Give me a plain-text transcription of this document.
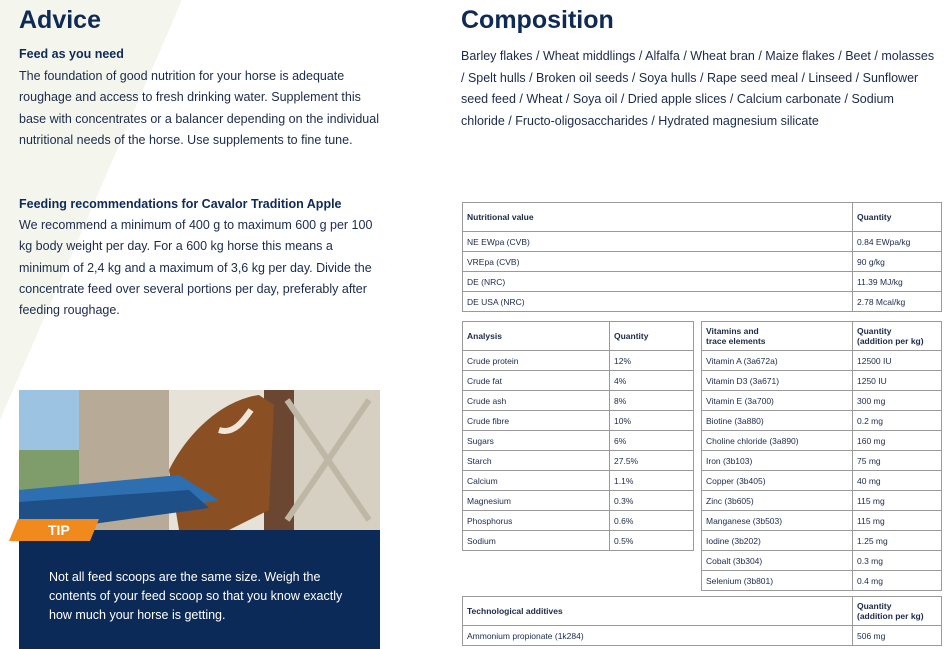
Advice
Feed as you need
The foundation of good nutrition for your horse is adequate roughage and access to fresh drinking water. Supplement this base with concentrates or a balancer depending on the individual nutritional needs of the horse. Use supplements to fine tune.
Feeding recommendations for Cavalor Tradition Apple
We recommend a minimum of 400 g to maximum 600 g per 100 kg body weight per day. For a 600 kg horse this means a minimum of 2,4 kg and a maximum of 3,6 kg per day. Divide the concentrate feed over several portions per day, preferably after feeding roughage.
TIP
Not all feed scoops are the same size. Weigh the contents of your feed scoop so that you know exactly how much your horse is getting.
Composition
Barley flakes / Wheat middlings / Alfalfa / Wheat bran / Maize flakes / Beet / molasses / Spelt hulls / Broken oil seeds / Soya hulls / Rape seed meal / Linseed / Sunflower seed feed / Wheat / Soya oil / Dried apple slices / Calcium carbonate / Sodium chloride / Fructo-oligosaccharides / Hydrated magnesium silicate
Nutritional value	Quantity
NE EWpa (CVB)	0.84 EWpa/kg
VREpa (CVB)	90 g/kg
DE (NRC)	11.39 MJ/kg
DE USA (NRC)	2.78 Mcal/kg
Analysis	Quantity
Crude protein	12%
Crude fat	4%
Crude ash	8%
Crude fibre	10%
Sugars	6%
Starch	27.5%
Calcium	1.1%
Magnesium	0.3%
Phosphorus	0.6%
Sodium	0.5%
Vitamins and
trace elements	Quantity
(addition per kg)
Vitamin A (3a672a)	12500 IU
Vitamin D3 (3a671)	1250 IU
Vitamin E (3a700)	300 mg
Biotine (3a880)	0.2 mg
Choline chloride (3a890)	160 mg
Iron (3b103)	75 mg
Copper (3b405)	40 mg
Zinc (3b605)	115 mg
Manganese (3b503)	115 mg
Iodine (3b202)	1.25 mg
Cobalt (3b304)	0.3 mg
Selenium (3b801)	0.4 mg
Technological additives	Quantity
(addition per kg)
Ammonium propionate (1k284)	506 mg
